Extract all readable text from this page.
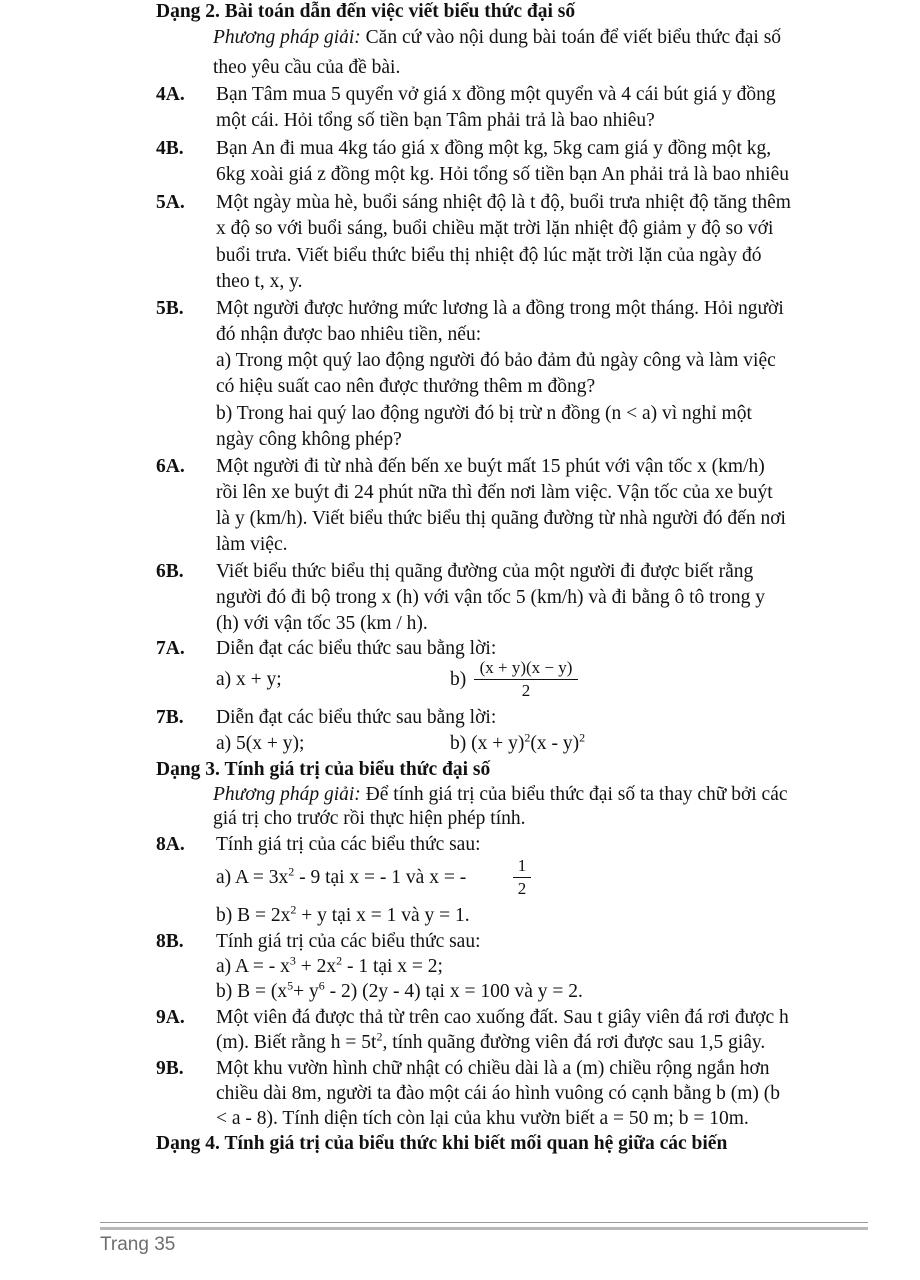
Dạng 2. Bài toán dẫn đến việc viết biểu thức đại số
Phương pháp giải: Căn cứ vào nội dung bài toán để viết biểu thức đại số
theo yêu cầu của đề bài.
4A. Bạn Tâm mua 5 quyển vở giá x đồng một quyển và 4 cái bút giá y đồng
một cái. Hỏi tổng số tiền bạn Tâm phải trả là bao nhiêu?
4B. Bạn An đi mua 4kg táo giá x đồng một kg, 5kg cam giá y đồng một kg,
6kg xoài giá z đồng một kg. Hỏi tổng số tiền bạn An phải trả là bao nhiêu
5A. Một ngày mùa hè, buổi sáng nhiệt độ là t độ, buổi trưa nhiệt độ tăng thêm
x độ so với buổi sáng, buổi chiều mặt trời lặn nhiệt độ giảm y độ so với
buổi trưa. Viết biểu thức biểu thị nhiệt độ lúc mặt trời lặn của ngày đó
theo t, x, y.
5B. Một người được hưởng mức lương là a đồng trong một tháng. Hỏi người
đó nhận được bao nhiêu tiền, nếu:
a) Trong một quý lao động người đó bảo đảm đủ ngày công và làm việc
có hiệu suất cao nên được thưởng thêm m đồng?
b) Trong hai quý lao động người đó bị trừ n đồng (n < a) vì nghỉ một
ngày công không phép?
6A. Một người đi từ nhà đến bến xe buýt mất 15 phút với vận tốc x (km/h)
rồi lên xe buýt đi 24 phút nữa thì đến nơi làm việc. Vận tốc của xe buýt
là y (km/h). Viết biểu thức biểu thị quãng đường từ nhà người đó đến nơi
làm việc.
6B. Viết biểu thức biểu thị quãng đường của một người đi được biết rằng
người đó đi bộ trong x (h) với vận tốc 5 (km/h) và đi bằng ô tô trong y
(h) với vận tốc 35 (km / h).
7A. Diễn đạt các biểu thức sau bằng lời:
a) x + y;	b)
(x + y)(x − y)
2
7B. Diễn đạt các biểu thức sau bằng lời:
a) 5(x + y);	b) $(x + y)^2(x - y)^2$
Dạng 3. Tính giá trị của biểu thức đại số
Phương pháp giải: Để tính giá trị của biểu thức đại số ta thay chữ bởi các
giá trị cho trước rồi thực hiện phép tính.
8A. Tính giá trị của các biểu thức sau:
a) $A = 3x^2 - 9$ tại x = - 1 và x = -
1
2
b) $B = 2x^2 + y$ tại x = 1 và y = 1.
8B. Tính giá trị của các biểu thức sau:
a) A = - $x^3 + 2x^2 - 1$ tại x = 2;
b) $B = (x^5+ y^6 - 2)$ (2y - 4) tại x = 100 và y = 2.
9A. Một viên đá được thả từ trên cao xuống đất. Sau t giây viên đá rơi được h
(m). Biết rằng $h = 5t^2$, tính quãng đường viên đá rơi được sau 1,5 giây.
9B. Một khu vườn hình chữ nhật có chiều dài là a (m) chiều rộng ngắn hơn
chiều dài 8m, người ta đào một cái áo hình vuông có cạnh bằng b (m) (b
< a - 8). Tính diện tích còn lại của khu vườn biết a = 50 m; b = 10m.
Dạng 4. Tính giá trị của biểu thức khi biết mối quan hệ giữa các biến
Trang 35
